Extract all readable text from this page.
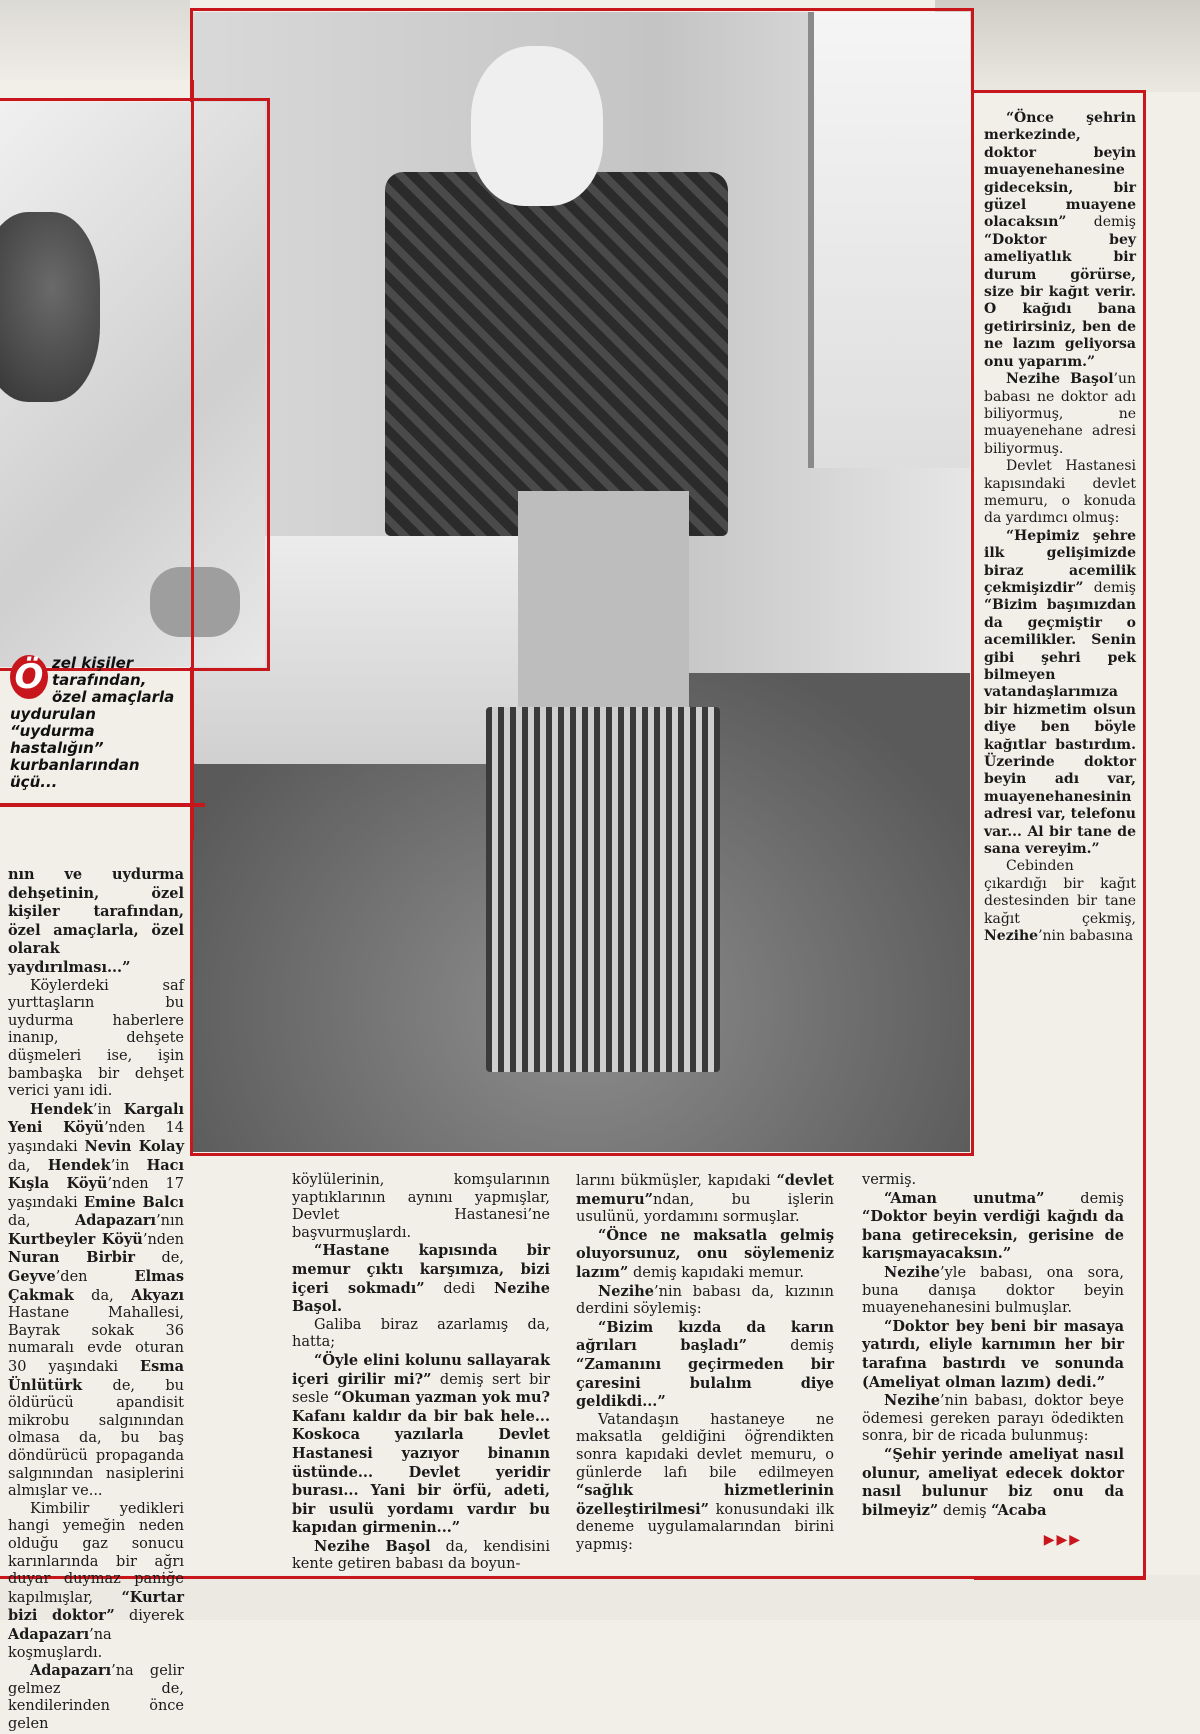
Ö zel kişiler tarafından, özel amaçlarla uydurulan “uydurma hastalığın” kurbanlarından üçü...

nın ve uydurma dehşetinin, özel kişiler tarafından, özel amaçlarla, özel olarak yaydırılması...”

Köylerdeki saf yurttaşların bu uydurma haberlere inanıp, dehşete düşmeleri ise, işin bambaşka bir dehşet verici yanı idi.

Hendek’in Kargalı Yeni Köyü’nden 14 yaşındaki Nevin Kolay da, Hendek’in Hacı Kışla Köyü’nden 17 yaşındaki Emine Balcı da, Adapazarı’nın Kurtbeyler Köyü’nden Nuran Birbir de, Geyve’den Elmas Çakmak da, Akyazı Hastane Mahallesi, Bayrak sokak 36 numaralı evde oturan 30 yaşındaki Esma Ünlütürk de, bu öldürücü apandisit mikrobu salgınından olmasa da, bu baş döndürücü propaganda salgınından nasiplerini almışlar ve...

Kimbilir yedikleri hangi yemeğin neden olduğu gaz sonucu karınlarında bir ağrı duyar duymaz paniğe kapılmışlar, “Kurtar bizi doktor” diyerek Adapazarı’na koşmuşlardı.

Adapazarı’na gelir gelmez de, kendilerinden önce gelen

köylülerinin, komşularının yaptıklarının aynını yapmışlar, Devlet Hastanesi’ne başvurmuşlardı.

“Hastane kapısında bir memur çıktı karşımıza, bizi içeri sokmadı” dedi Nezihe Başol.

Galiba biraz azarlamış da, hatta;

“Öyle elini kolunu sallayarak içeri girilir mi?” demiş sert bir sesle “Okuman yazman yok mu? Kafanı kaldır da bir bak hele... Koskoca yazılarla Devlet Hastanesi yazıyor binanın üstünde... Devlet yeridir burası... Yani bir örfü, adeti, bir usulü yordamı vardır bu kapıdan girmenin...”

Nezihe Başol da, kendisini kente getiren babası da boyun-

larını bükmüşler, kapıdaki “devlet memuru”ndan, bu işlerin usulünü, yordamını sormuşlar.

“Önce ne maksatla gelmiş oluyorsunuz, onu söylemeniz lazım” demiş kapıdaki memur.

Nezihe’nin babası da, kızının derdini söylemiş:

“Bizim kızda da karın ağrıları başladı” demiş “Zamanını geçirmeden bir çaresini bulalım diye geldikdi...”

Vatandaşın hastaneye ne maksatla geldiğini öğrendikten sonra kapıdaki devlet memuru, o günlerde lafı bile edilmeyen “sağlık hizmetlerinin özelleştirilmesi” konusundaki ilk deneme uygulamalarından birini yapmış:

“Önce şehrin merkezinde, doktor beyin muayenehanesine gideceksin, bir güzel muayene olacaksın” demiş “Doktor bey ameliyatlık bir durum görürse, size bir kağıt verir. O kağıdı bana getirirsiniz, ben de ne lazım geliyorsa onu yaparım.”

Nezihe Başol’un babası ne doktor adı biliyormuş, ne muayenehane adresi biliyormuş.

Devlet Hastanesi kapısındaki devlet memuru, o konuda da yardımcı olmuş:

“Hepimiz şehre ilk gelişimizde biraz acemilik çekmişizdir” demiş “Bizim başımızdan da geçmiştir o acemilikler. Senin gibi şehri pek bilmeyen vatandaşlarımıza bir hizmetim olsun diye ben böyle kağıtlar bastırdım. Üzerinde doktor beyin adı var, muayenehanesinin adresi var, telefonu var... Al bir tane de sana vereyim.”

Cebinden çıkardığı bir kağıt destesinden bir tane kağıt çekmiş, Nezihe’nin babasına

vermiş.

“Aman unutma” demiş “Doktor beyin verdiği kağıdı da bana getireceksin, gerisine de karışmayacaksın.”

Nezihe’yle babası, ona sora, buna danışa doktor beyin muayenehanesini bulmuşlar.

“Doktor bey beni bir masaya yatırdı, eliyle karnımın her bir tarafına bastırdı ve sonunda (Ameliyat olman lazım) dedi.”

Nezihe’nin babası, doktor beye ödemesi gereken parayı ödedikten sonra, bir de ricada bulunmuş:

“Şehir yerinde ameliyat nasıl olunur, ameliyat edecek doktor nasıl bulunur biz onu da bilmeyiz” demiş “Acaba

▶▶▶
